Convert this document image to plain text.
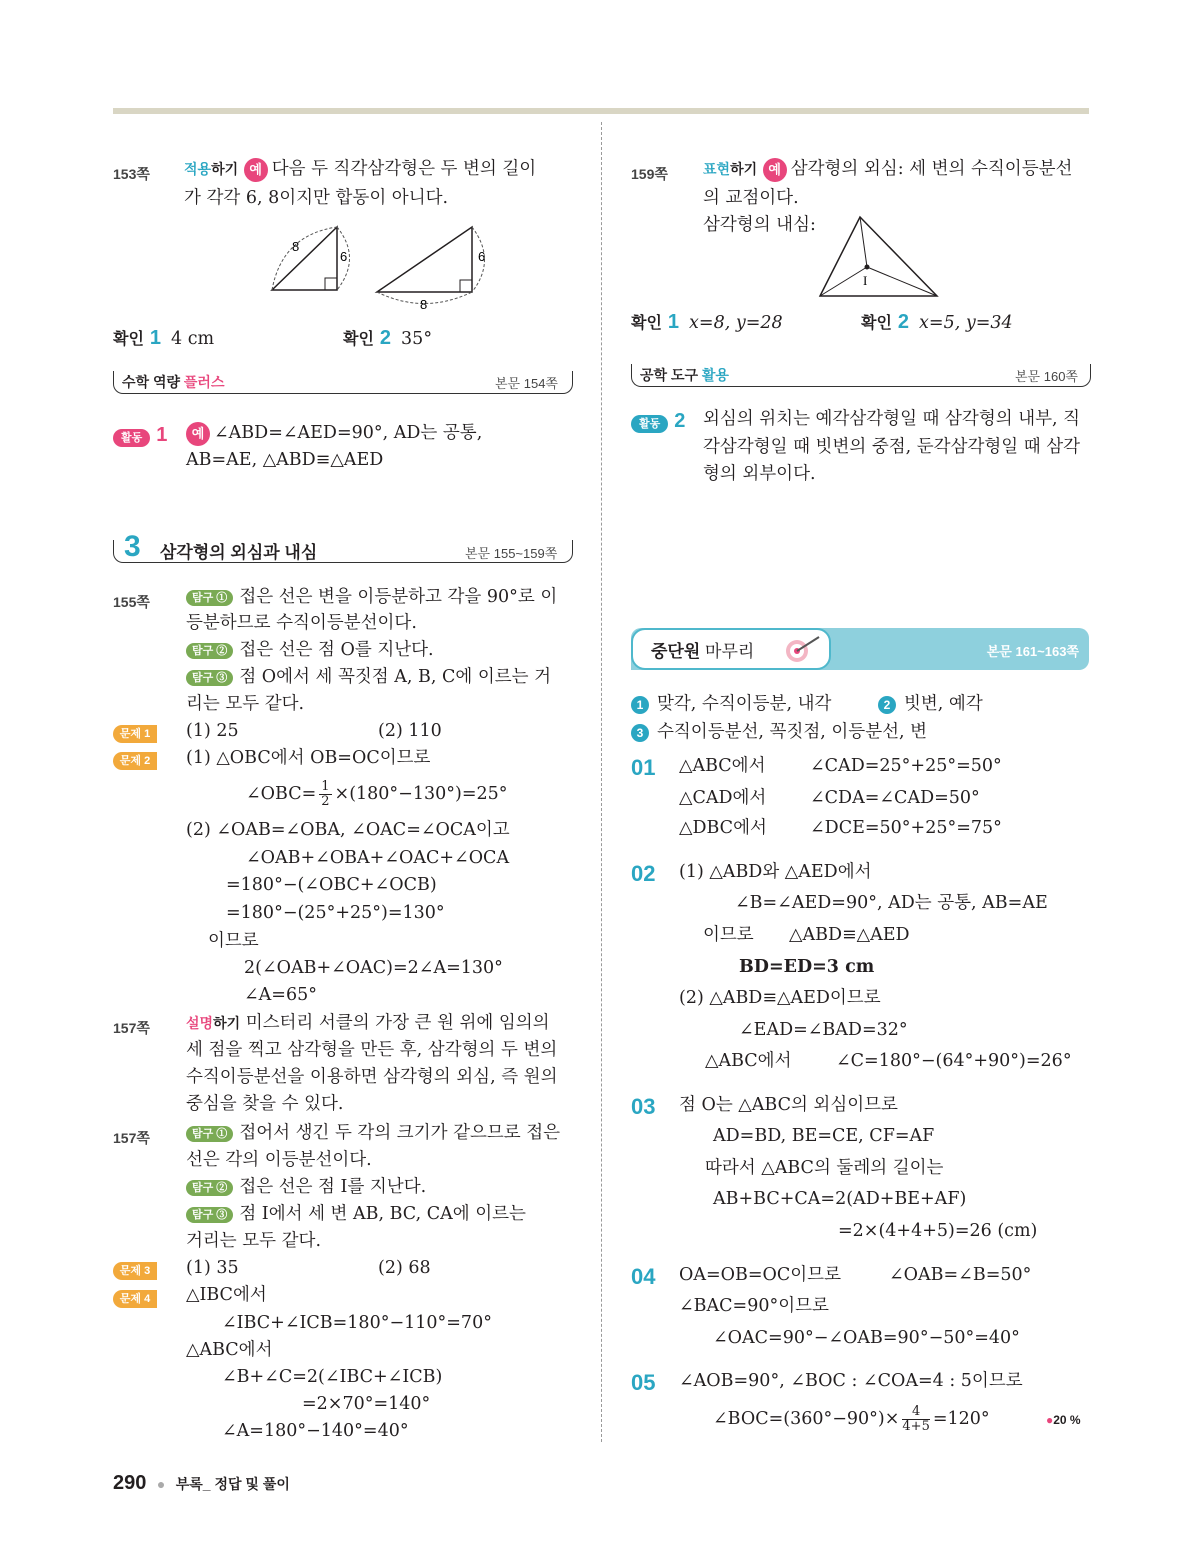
153쪽 적용하기 예 다음 두 직각삼각형은 두 변의 길이
가 각각 6, 8이지만 합동이 아니다.
8
6	6
8
확인 1 4 cm	확인 2 35°
수학 역량 플러스	본문 154쪽
활동 1	예 ∠ABD=∠AED=90°, AD는 공통,
AB=AE, △ABD≡△AED
3 삼각형의 외심과 내심	본문 155~159쪽
155쪽	탐구 ① 접은 선은 변을 이등분하고 각을 90°로 이
등분하므로 수직이등분선이다.
탐구 ② 접은 선은 점 O를 지난다.
탐구 ③ 점 O에서 세 꼭짓점 A, B, C에 이르는 거
리는 모두 같다.
문제 1	(1) 25	(2) 110
문제 2	(1) △OBC에서 OB=OC이므로
∠OBC= $\frac{1}{2} \times(180^\circ-130^\circ)=25^\circ$
(2) ∠OAB=∠OBA, ∠OAC=∠OCA이고
∠OAB+∠OBA+∠OAC+∠OCA
=180°−(∠OBC+∠OCB)
=180°−(25°+25°)=130°
이므로
2(∠OAB+∠OAC)=2∠A=130°
∠A=65°
157쪽	설명하기 미스터리 서클의 가장 큰 원 위에 임의의
세 점을 찍고 삼각형을 만든 후, 삼각형의 두 변의
수직이등분선을 이용하면 삼각형의 외심, 즉 원의
중심을 찾을 수 있다.
157쪽	탐구 ① 접어서 생긴 두 각의 크기가 같으므로 접은
선은 각의 이등분선이다.
탐구 ② 접은 선은 점 I를 지난다.
탐구 ③ 점 I에서 세 변 AB, BC, CA에 이르는
거리는 모두 같다.
문제 3	(1) 35	(2) 68
문제 4	△IBC에서
∠IBC+∠ICB=180°−110°=70°
△ABC에서
∠B+∠C=2(∠IBC+∠ICB)
=2×70°=140°
∠A=180°−140°=40°
159쪽	표현하기 예 삼각형의 외심: 세 변의 수직이등분선
의 교점이다.
삼각형의 내심:
I
확인 1 x=8, y=28	확인 2 x=5, y=34
공학 도구 활용	본문 160쪽
활동 2	외심의 위치는 예각삼각형일 때 삼각형의 내부, 직
각삼각형일 때 빗변의 중점, 둔각삼각형일 때 삼각
형의 외부이다.
중단원 마무리	본문 161~163쪽
1 맞각, 수직이등분, 내각	2 빗변, 예각
3 수직이등분선, 꼭짓점, 이등분선, 변
01 △ABC에서	∠CAD=25°+25°=50°
△CAD에서 ∠CDA=∠CAD=50°
△DBC에서 ∠DCE=50°+25°=75°
02 (1) △ABD와 △AED에서
∠B=∠AED=90°, AD는 공통, AB=AE
이므로 △ABD≡△AED
BD=ED=3 cm
(2) △ABD≡△AED이므로
∠EAD=∠BAD=32°
△ABC에서	∠C=180°−(64°+90°)=26°
03 점 O는 △ABC의 외심이므로
AD=BD, BE=CE, CF=AF
따라서 △ABC의 둘레의 길이는
AB+BC+CA=2(AD+BE+AF)
=2×(4+4+5)=26 (cm)
04 OA=OB=OC이므로	∠OAB=∠B=50°
∠BAC=90°이므로
∠OAC=90°−∠OAB=90°−50°=40°
05 ∠AOB=90°, ∠BOC : ∠COA=4 : 5이므로
∠BOC=(360°−90°)× $\frac{4}{4+5} =120^\circ$	●20 %
290 ● 부록_ 정답 및 풀이
